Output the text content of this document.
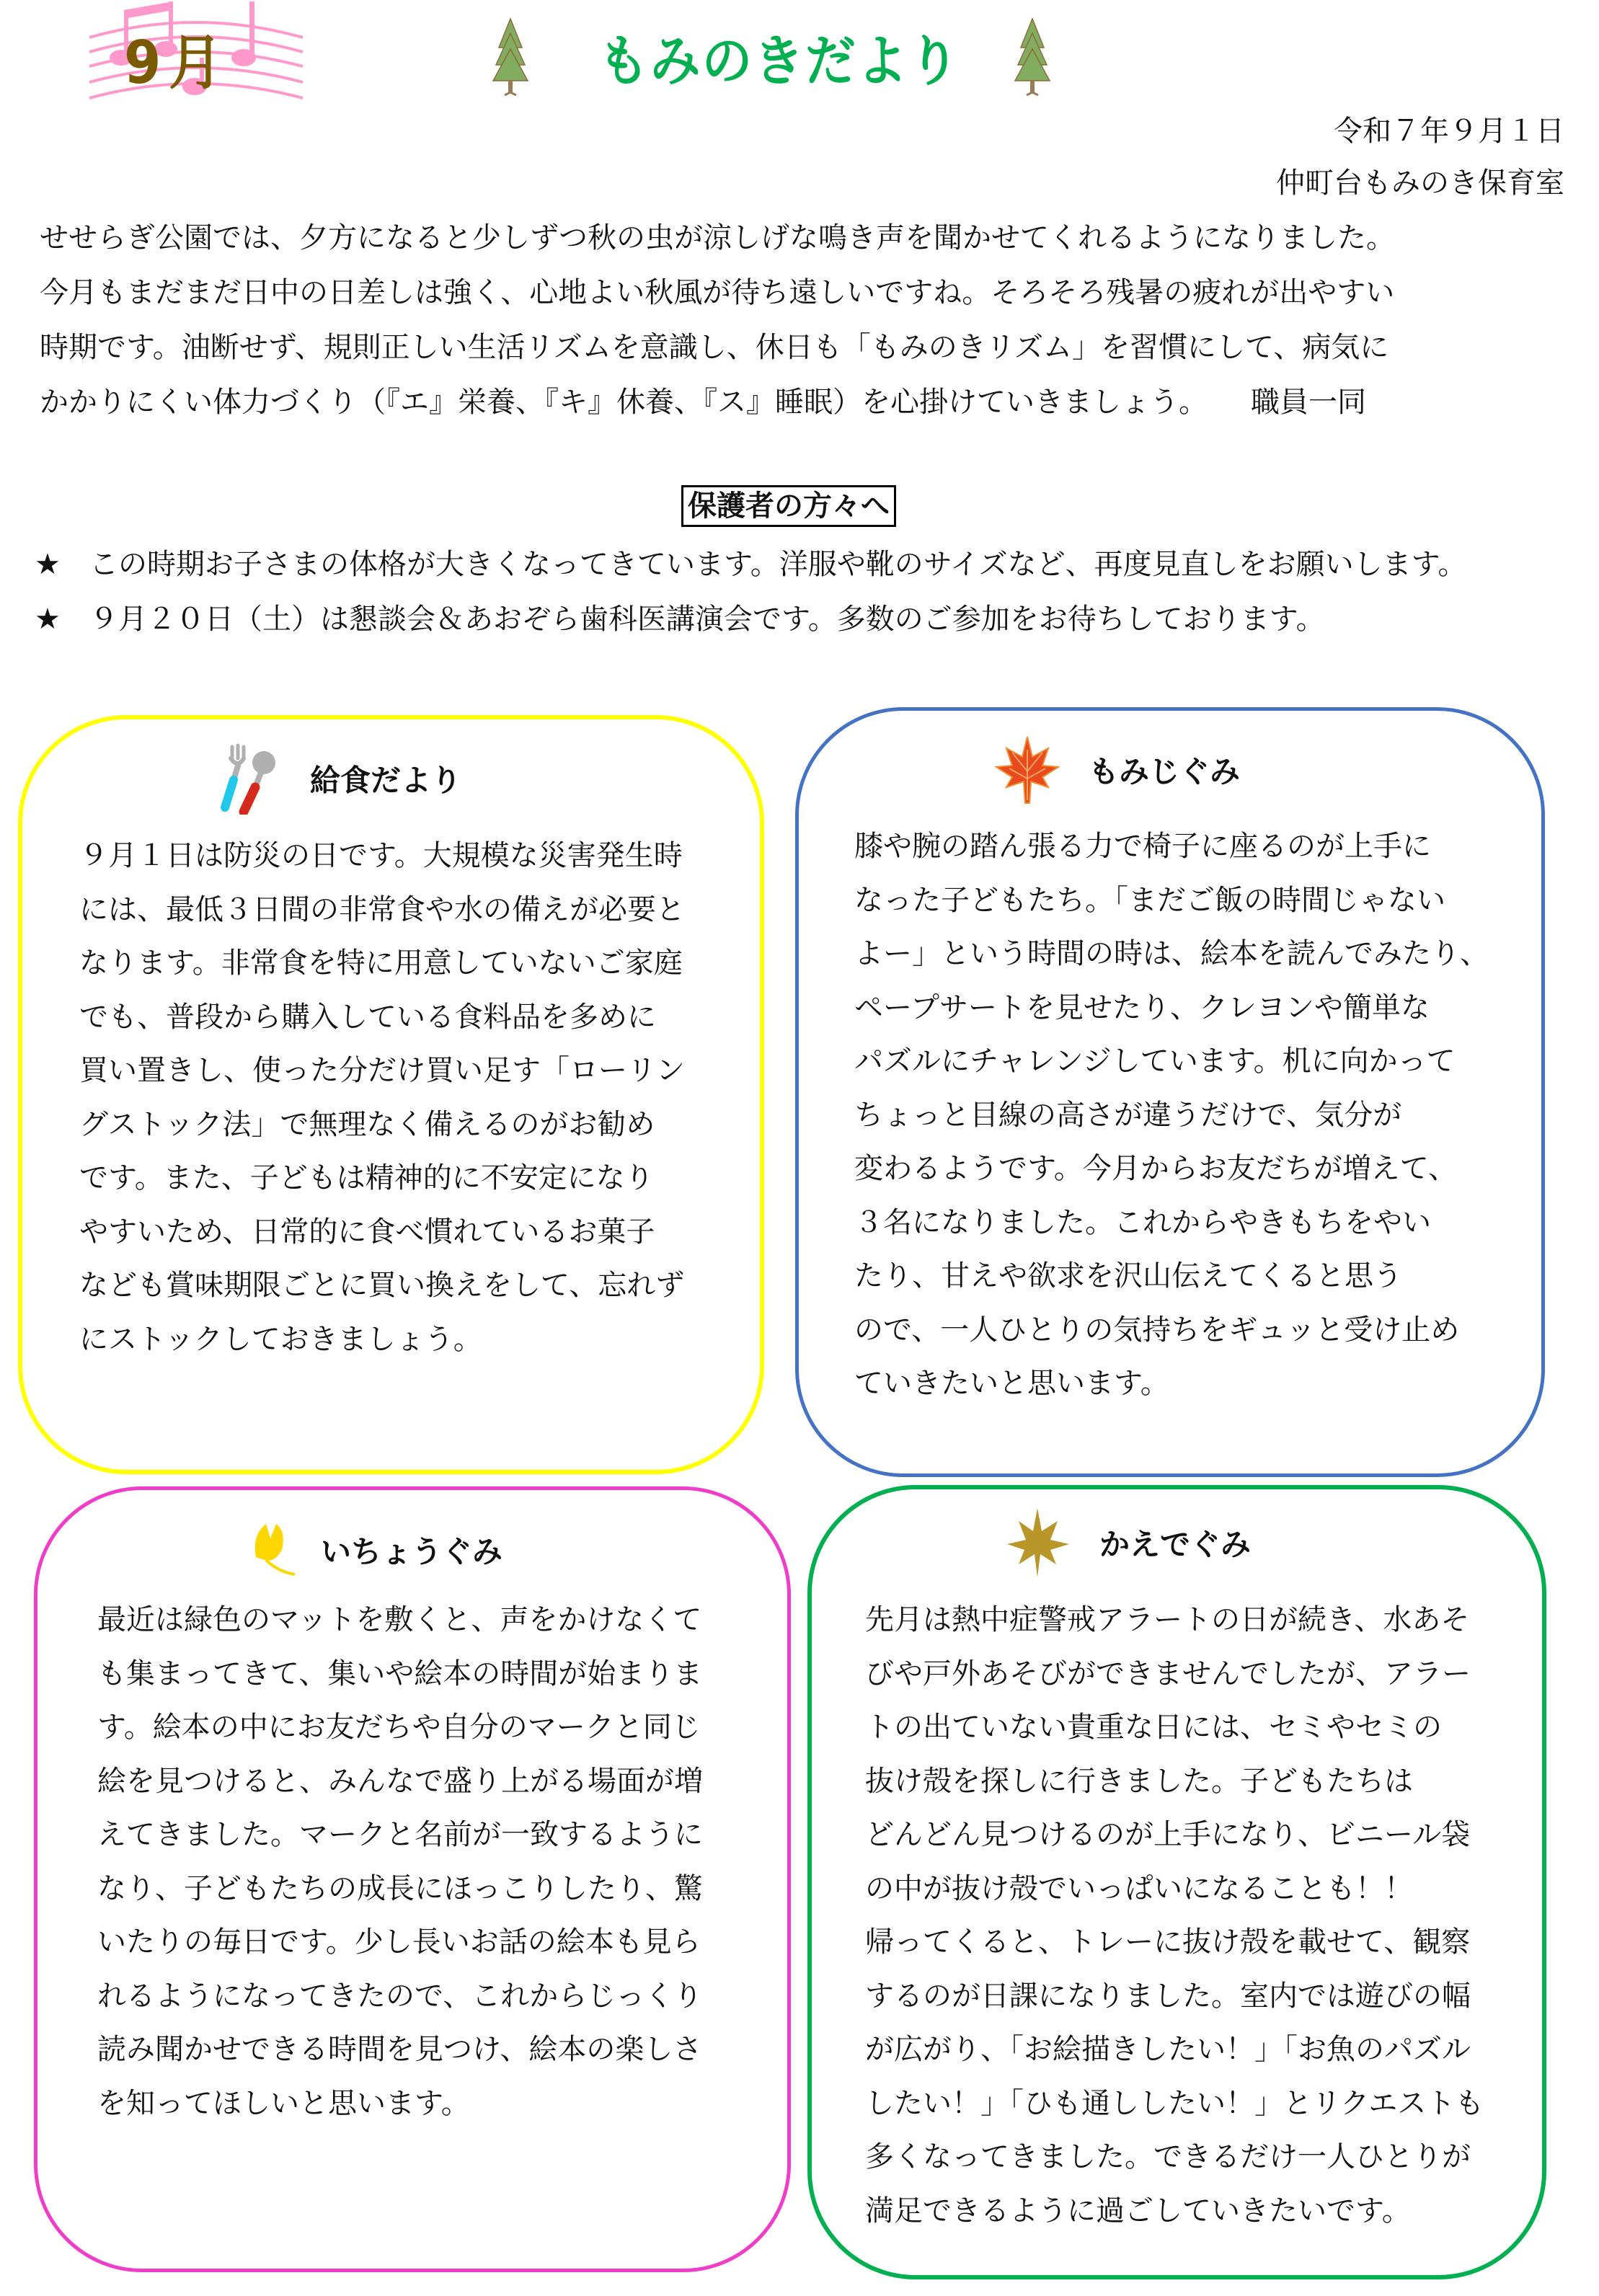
9月	もみのきだより
令和７年９月１日
仲町台もみのき保育室

せせらぎ公園では、夕方になると少しずつ秋の虫が涼しげな鳴き声を聞かせてくれるようになりました。

今月もまだまだ日中の日差しは強く、心地よい秋風が待ち遠しいですね。そろそろ残暑の疲れが出やすい

時期です。油断せず、規則正しい生活リズムを意識し、休日も「もみのきリズム」を習慣にして、病気に

かかりにくい体力づくり（『エ』栄養、『キ』休養、『ス』睡眠）を心掛けていきましょう。　　職員一同

保護者の方々へ
★ この時期お子さまの体格が大きくなってきています。洋服や靴のサイズなど、再度見直しをお願いします。
★ ９月２０日（土）は懇談会＆あおぞら歯科医講演会です。多数のご参加をお待ちしております。
給食だより
９月１日は防災の日です。大規模な災害発生時
には、最低３日間の非常食や水の備えが必要と
なります。非常食を特に用意していないご家庭
でも、普段から購入している食料品を多めに
買い置きし、使った分だけ買い足す「ローリン
グストック法」で無理なく備えるのがお勧め
です。また、子どもは精神的に不安定になり
やすいため、日常的に食べ慣れているお菓子
なども賞味期限ごとに買い換えをして、忘れず
にストックしておきましょう。
もみじぐみ
膝や腕の踏ん張る力で椅子に座るのが上手に
なった子どもたち。「まだご飯の時間じゃない
よー」という時間の時は、絵本を読んでみたり、
ペープサートを見せたり、クレヨンや簡単な
パズルにチャレンジしています。机に向かって
ちょっと目線の高さが違うだけで、気分が
変わるようです。今月からお友だちが増えて、
３名になりました。これからやきもちをやい
たり、甘えや欲求を沢山伝えてくると思う
ので、一人ひとりの気持ちをギュッと受け止め
ていきたいと思います。
いちょうぐみ
最近は緑色のマットを敷くと、声をかけなくて
も集まってきて、集いや絵本の時間が始まりま
す。絵本の中にお友だちや自分のマークと同じ
絵を見つけると、みんなで盛り上がる場面が増
えてきました。マークと名前が一致するように
なり、子どもたちの成長にほっこりしたり、驚
いたりの毎日です。少し長いお話の絵本も見ら
れるようになってきたので、これからじっくり
読み聞かせできる時間を見つけ、絵本の楽しさ
を知ってほしいと思います。
かえでぐみ
先月は熱中症警戒アラートの日が続き、水あそ
びや戸外あそびができませんでしたが、アラー
トの出ていない貴重な日には、セミやセミの
抜け殻を探しに行きました。子どもたちは
どんどん見つけるのが上手になり、ビニール袋
の中が抜け殻でいっぱいになることも！！
帰ってくると、トレーに抜け殻を載せて、観察
するのが日課になりました。室内では遊びの幅
が広がり、「お絵描きしたい！」「お魚のパズル
したい！」「ひも通ししたい！」とリクエストも
多くなってきました。できるだけ一人ひとりが
満足できるように過ごしていきたいです。
